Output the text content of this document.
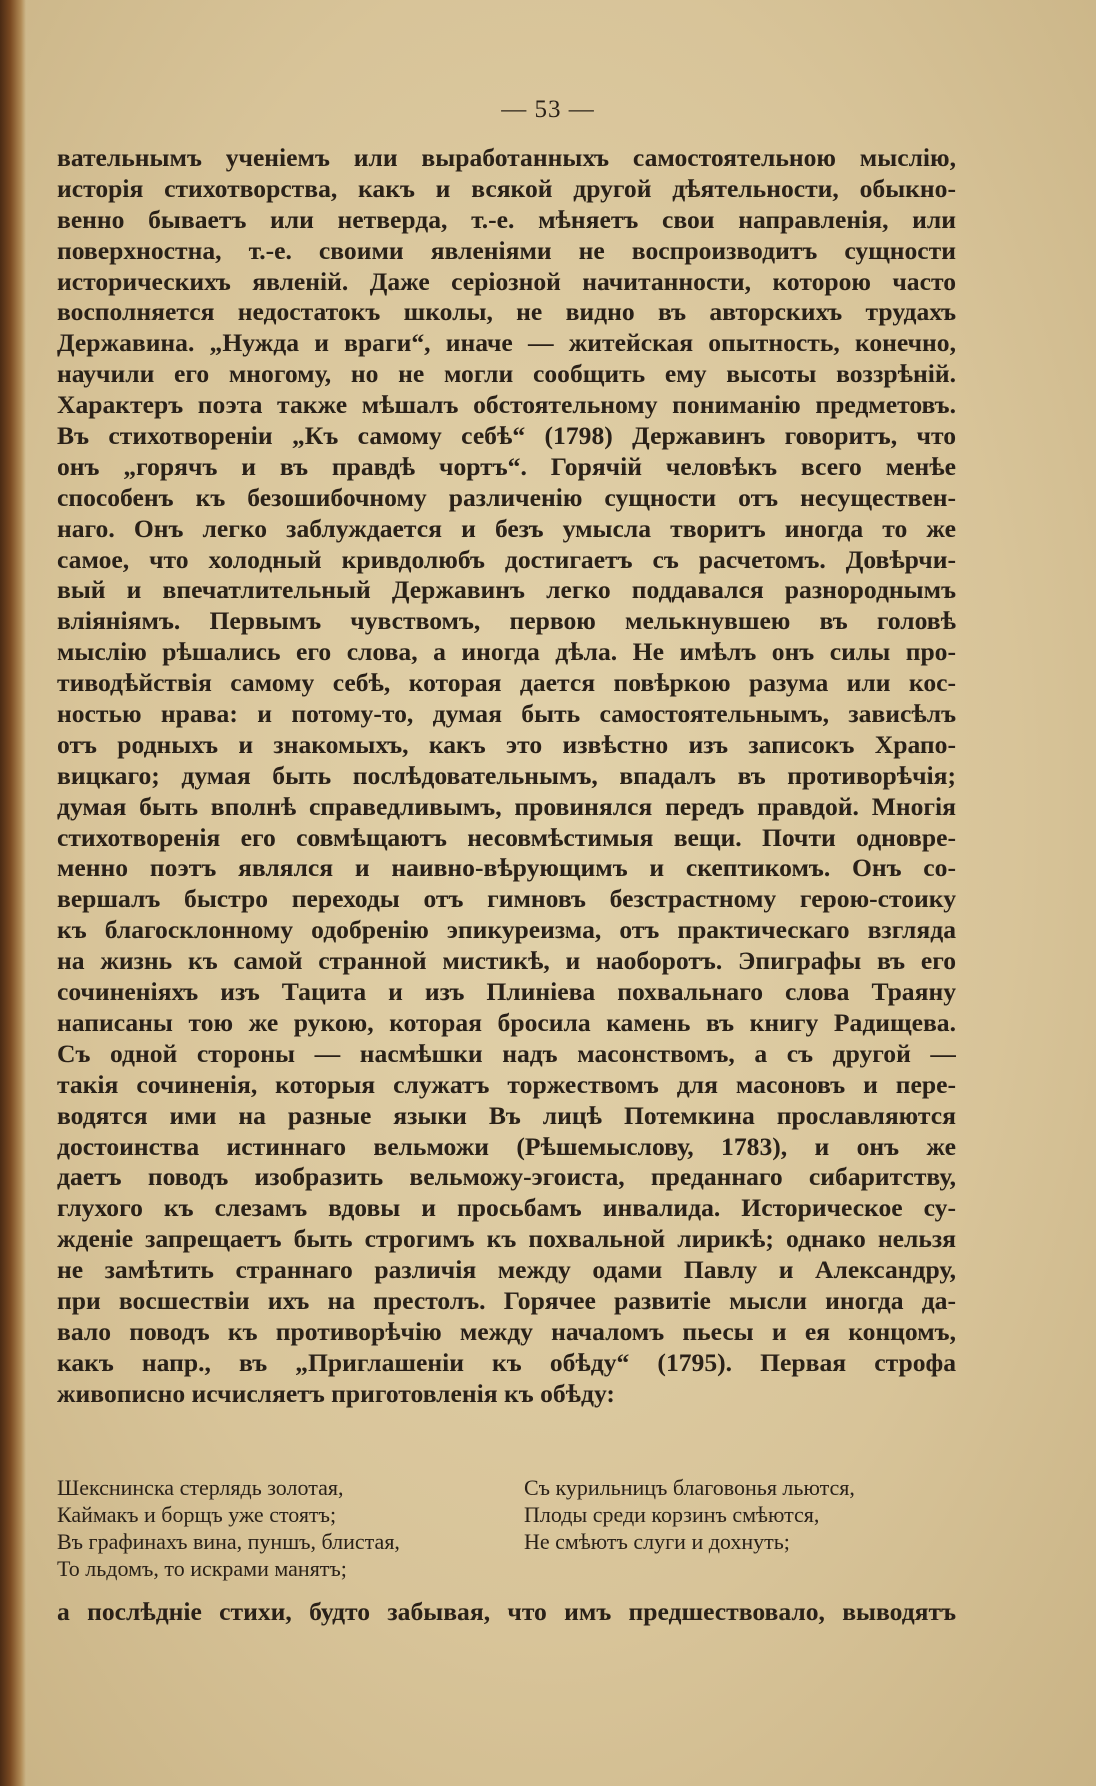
— 53 —
вательнымъ ученіемъ или выработанныхъ самостоятельною мыслію,
исторія стихотворства, какъ и всякой другой дѣятельности, обыкно-
венно бываетъ или нетверда, т.-е. мѣняетъ свои направленія, или
поверхностна, т.-е. своими явленіями не воспроизводитъ сущности
историческихъ явленій. Даже серіозной начитанности, которою часто
восполняется недостатокъ школы, не видно въ авторскихъ трудахъ
Державина. „Нужда и враги“, иначе — житейская опытность, конечно,
научили его многому, но не могли сообщить ему высоты воззрѣній.
Характеръ поэта также мѣшалъ обстоятельному пониманію предметовъ.
Въ стихотвореніи „Къ самому себѣ“ (1798) Державинъ говоритъ, что
онъ „горячъ и въ правдѣ чортъ“. Горячій человѣкъ всего менѣе
способенъ къ безошибочному различенію сущности отъ несуществен-
наго. Онъ легко заблуждается и безъ умысла творитъ иногда то же
самое, что холодный кривдолюбъ достигаетъ съ расчетомъ. Довѣрчи-
вый и впечатлительный Державинъ легко поддавался разнороднымъ
вліяніямъ. Первымъ чувствомъ, первою мелькнувшею въ головѣ
мыслію рѣшались его слова, а иногда дѣла. Не имѣлъ онъ силы про-
тиводѣйствія самому себѣ, которая дается повѣркою разума или кос-
ностью нрава: и потому-то, думая быть самостоятельнымъ, зависѣлъ
отъ родныхъ и знакомыхъ, какъ это извѣстно изъ записокъ Храпо-
вицкаго; думая быть послѣдовательнымъ, впадалъ въ противорѣчія;
думая быть вполнѣ справедливымъ, провинялся передъ правдой. Многія
стихотворенія его совмѣщаютъ несовмѣстимыя вещи. Почти одновре-
менно поэтъ являлся и наивно-вѣрующимъ и скептикомъ. Онъ со-
вершалъ быстро переходы отъ гимновъ безстрастному герою-стоику
къ благосклонному одобренію эпикуреизма, отъ практическаго взгляда
на жизнь къ самой странной мистикѣ, и наоборотъ. Эпиграфы въ его
сочиненіяхъ изъ Тацита и изъ Плиніева похвальнаго слова Траяну
написаны тою же рукою, которая бросила камень въ книгу Радищева.
Съ одной стороны — насмѣшки надъ масонствомъ, а съ другой —
такія сочиненія, которыя служатъ торжествомъ для масоновъ и пере-
водятся ими на разные языки Въ лицѣ Потемкина прославляются
достоинства истиннаго вельможи (Рѣшемыслову, 1783), и онъ же
даетъ поводъ изобразить вельможу-эгоиста, преданнаго сибаритству,
глухого къ слезамъ вдовы и просьбамъ инвалида. Историческое су-
жденіе запрещаетъ быть строгимъ къ похвальной лирикѣ; однако нельзя
не замѣтить страннаго различія между одами Павлу и Александру,
при восшествіи ихъ на престолъ. Горячее развитіе мысли иногда да-
вало поводъ къ противорѣчію между началомъ пьесы и ея концомъ,
какъ напр., въ „Приглашеніи къ обѣду“ (1795). Первая строфа
живописно исчисляетъ приготовленія къ обѣду:
Шекснинска стерлядь золотая,
Каймакъ и борщъ уже стоятъ;
Въ графинахъ вина, пуншъ, блистая,
То льдомъ, то искрами манятъ;
Съ курильницъ благовонья льются,
Плоды среди корзинъ смѣются,
Не смѣютъ слуги и дохнуть;
а послѣдніе стихи, будто забывая, что имъ предшествовало, выводятъ
